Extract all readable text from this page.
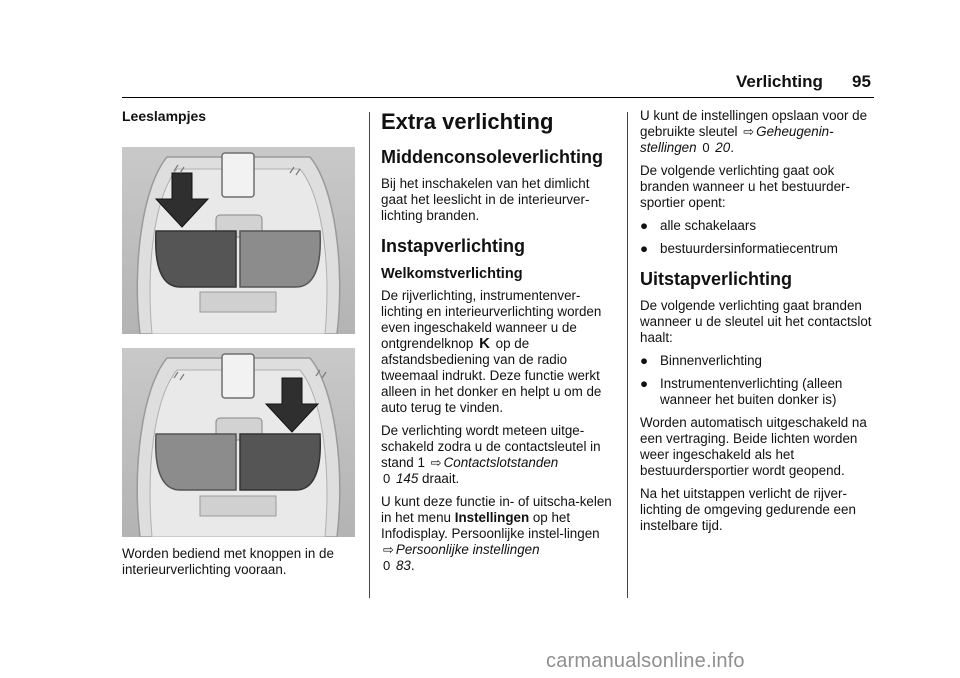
Verlichting 95
Leeslampjes
Worden bediend met knoppen in de interieurverlichting vooraan.
Extra verlichting
Middenconsoleverlichting

Bij het inschakelen van het dimlicht gaat het leeslicht in de interieurver-lichting branden.

Instapverlichting
Welkomstverlichting

De rijverlichting, instrumentenver-lichting en interieurverlichting worden even ingeschakeld wanneer u de ontgrendelknop K op de afstandsbediening van de radio tweemaal indrukt. Deze functie werkt alleen in het donker en helpt u om de auto terug te vinden.

De verlichting wordt meteen uitge-schakeld zodra u de contactsleutel in stand 1 ⇨ Contactslotstanden
0 145 draait.

U kunt deze functie in- of uitscha-kelen in het menu Instellingen op het Infodisplay. Persoonlijke instel-lingen ⇨ Persoonlijke instellingen
0 83.

U kunt de instellingen opslaan voor de gebruikte sleutel ⇨ Geheugenin-stellingen 0 20.

De volgende verlichting gaat ook branden wanneer u het bestuurder-sportier opent:

● alle schakelaars
● bestuurdersinformatiecentrum
Uitstapverlichting

De volgende verlichting gaat branden wanneer u de sleutel uit het contactslot haalt:

● Binnenverlichting
● Instrumentenverlichting (alleen wanneer het buiten donker is)

Worden automatisch uitgeschakeld na een vertraging. Beide lichten worden weer ingeschakeld als het bestuurdersportier wordt geopend.

Na het uitstappen verlicht de rijver-lichting de omgeving gedurende een instelbare tijd.

carmanualsonline.info
